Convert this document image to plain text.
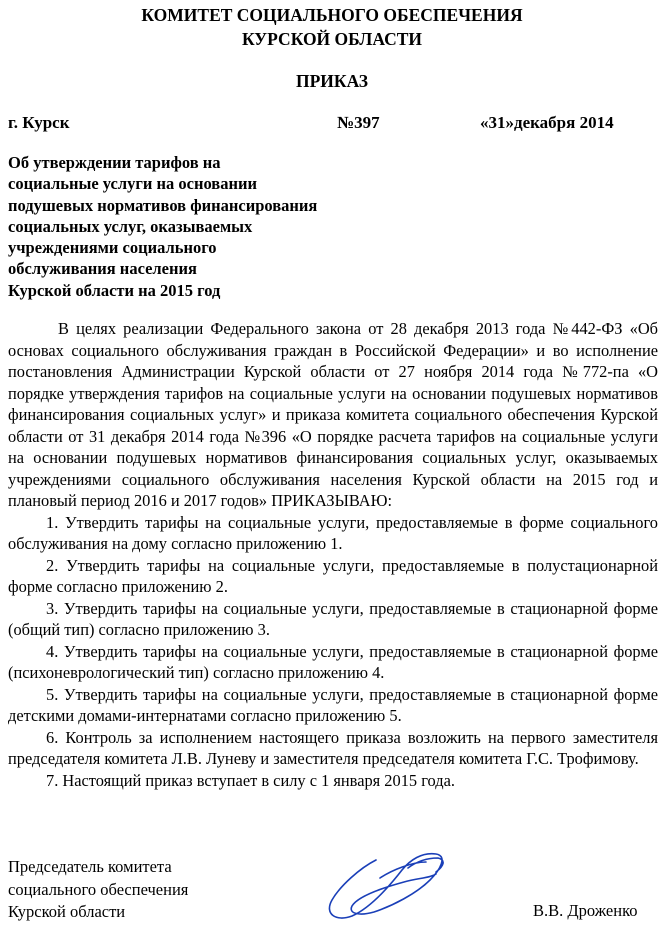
КОМИТЕТ СОЦИАЛЬНОГО ОБЕСПЕЧЕНИЯ
КУРСКОЙ ОБЛАСТИ
ПРИКАЗ
г. Курск	№397	«31»декабря 2014
Об утверждении тарифов на
социальные услуги на основании
подушевых нормативов финансирования
социальных услуг, оказываемых
учреждениями социального
обслуживания населения
Курской области на 2015 год

В целях реализации Федерального закона от 28 декабря 2013 года №442-ФЗ «Об основах социального обслуживания граждан в Российской Федерации» и во исполнение постановления Администрации Курской области от 27 ноября 2014 года №772-па «О порядке утверждения тарифов на социальные услуги на основании подушевых нормативов финансирования социальных услуг» и приказа комитета социального обеспечения Курской области от 31 декабря 2014 года №396 «О порядке расчета тарифов на социальные услуги на основании подушевых нормативов финансирования социальных услуг, оказываемых учреждениями социального обслуживания населения Курской области на 2015 год и плановый период 2016 и 2017 годов» ПРИКАЗЫВАЮ:

1. Утвердить тарифы на социальные услуги, предоставляемые в форме социального обслуживания на дому согласно приложению 1.

2. Утвердить тарифы на социальные услуги, предоставляемые в полустационарной форме согласно приложению 2.

3. Утвердить тарифы на социальные услуги, предоставляемые в стационарной форме (общий тип) согласно приложению 3.

4. Утвердить тарифы на социальные услуги, предоставляемые в стационарной форме (психоневрологический тип) согласно приложению 4.

5. Утвердить тарифы на социальные услуги, предоставляемые в стационарной форме детскими домами-интернатами согласно приложению 5.

6. Контроль за исполнением настоящего приказа возложить на первого заместителя председателя комитета Л.В. Луневу и заместителя председателя комитета Г.С. Трофимову.

7. Настоящий приказ вступает в силу с 1 января 2015 года.

Председатель комитета
социального обеспечения
Курской области	В.В. Дроженко
